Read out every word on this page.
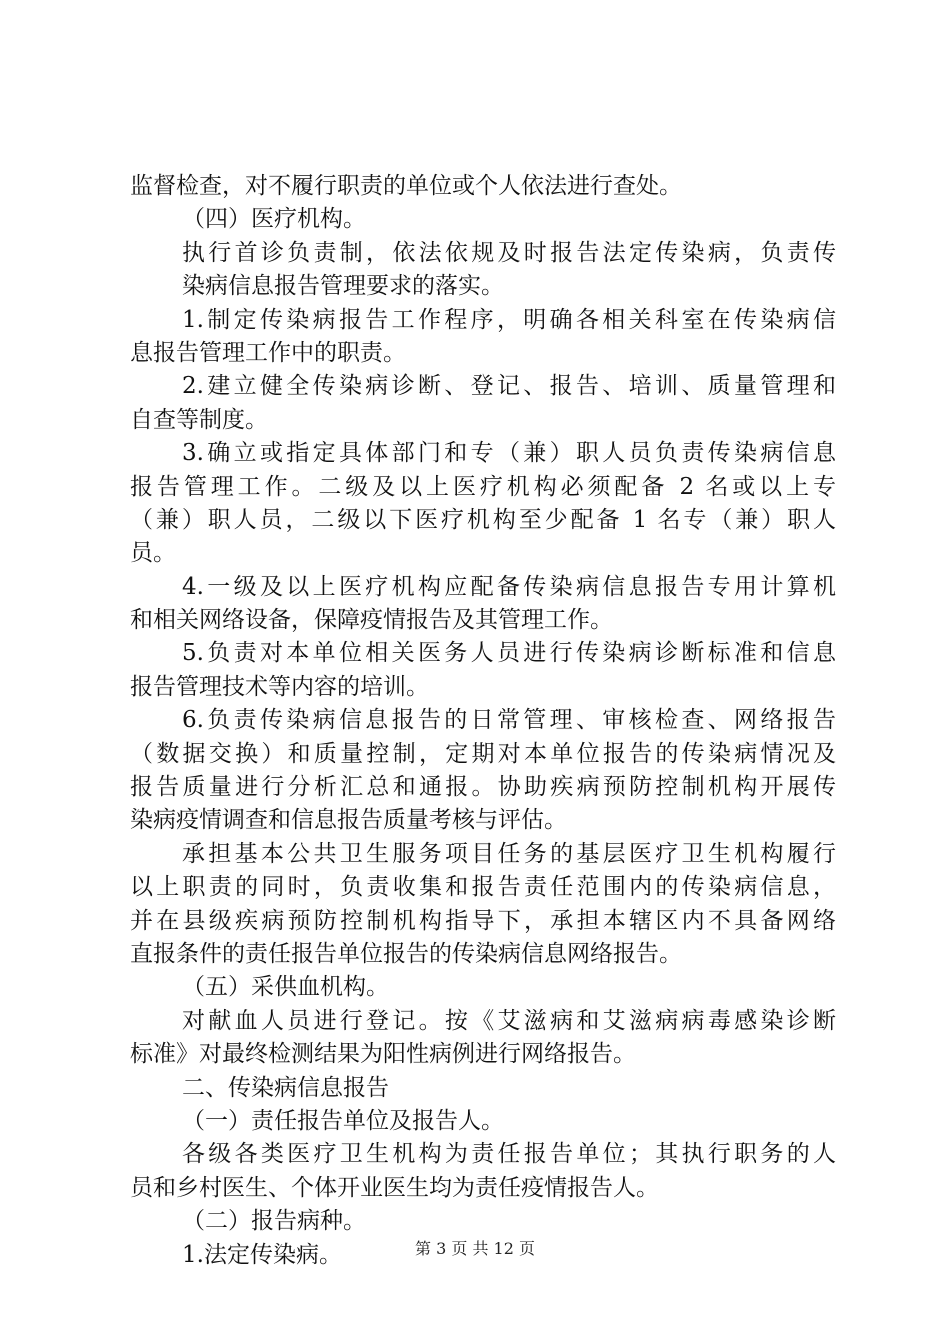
监督检查，对不履行职责的单位或个人依法进行查处。
（四）医疗机构。
执行首诊负责制，依法依规及时报告法定传染病，负责传
染病信息报告管理要求的落实。
1.制定传染病报告工作程序，明确各相关科室在传染病信
息报告管理工作中的职责。
2.建立健全传染病诊断、登记、报告、培训、质量管理和
自查等制度。
3.确立或指定具体部门和专（兼）职人员负责传染病信息
报告管理工作。二级及以上医疗机构必须配备 2 名或以上专
（兼）职人员，二级以下医疗机构至少配备 1 名专（兼）职人
员。
4.一级及以上医疗机构应配备传染病信息报告专用计算机
和相关网络设备，保障疫情报告及其管理工作。
5.负责对本单位相关医务人员进行传染病诊断标准和信息
报告管理技术等内容的培训。
6.负责传染病信息报告的日常管理、审核检查、网络报告
（数据交换）和质量控制，定期对本单位报告的传染病情况及
报告质量进行分析汇总和通报。协助疾病预防控制机构开展传
染病疫情调查和信息报告质量考核与评估。
承担基本公共卫生服务项目任务的基层医疗卫生机构履行
以上职责的同时，负责收集和报告责任范围内的传染病信息，
并在县级疾病预防控制机构指导下，承担本辖区内不具备网络
直报条件的责任报告单位报告的传染病信息网络报告。
（五）采供血机构。
对献血人员进行登记。按《艾滋病和艾滋病病毒感染诊断
标准》对最终检测结果为阳性病例进行网络报告。
二、传染病信息报告
（一）责任报告单位及报告人。
各级各类医疗卫生机构为责任报告单位；其执行职务的人
员和乡村医生、个体开业医生均为责任疫情报告人。
（二）报告病种。
1.法定传染病。	第 3 页 共 12 页
